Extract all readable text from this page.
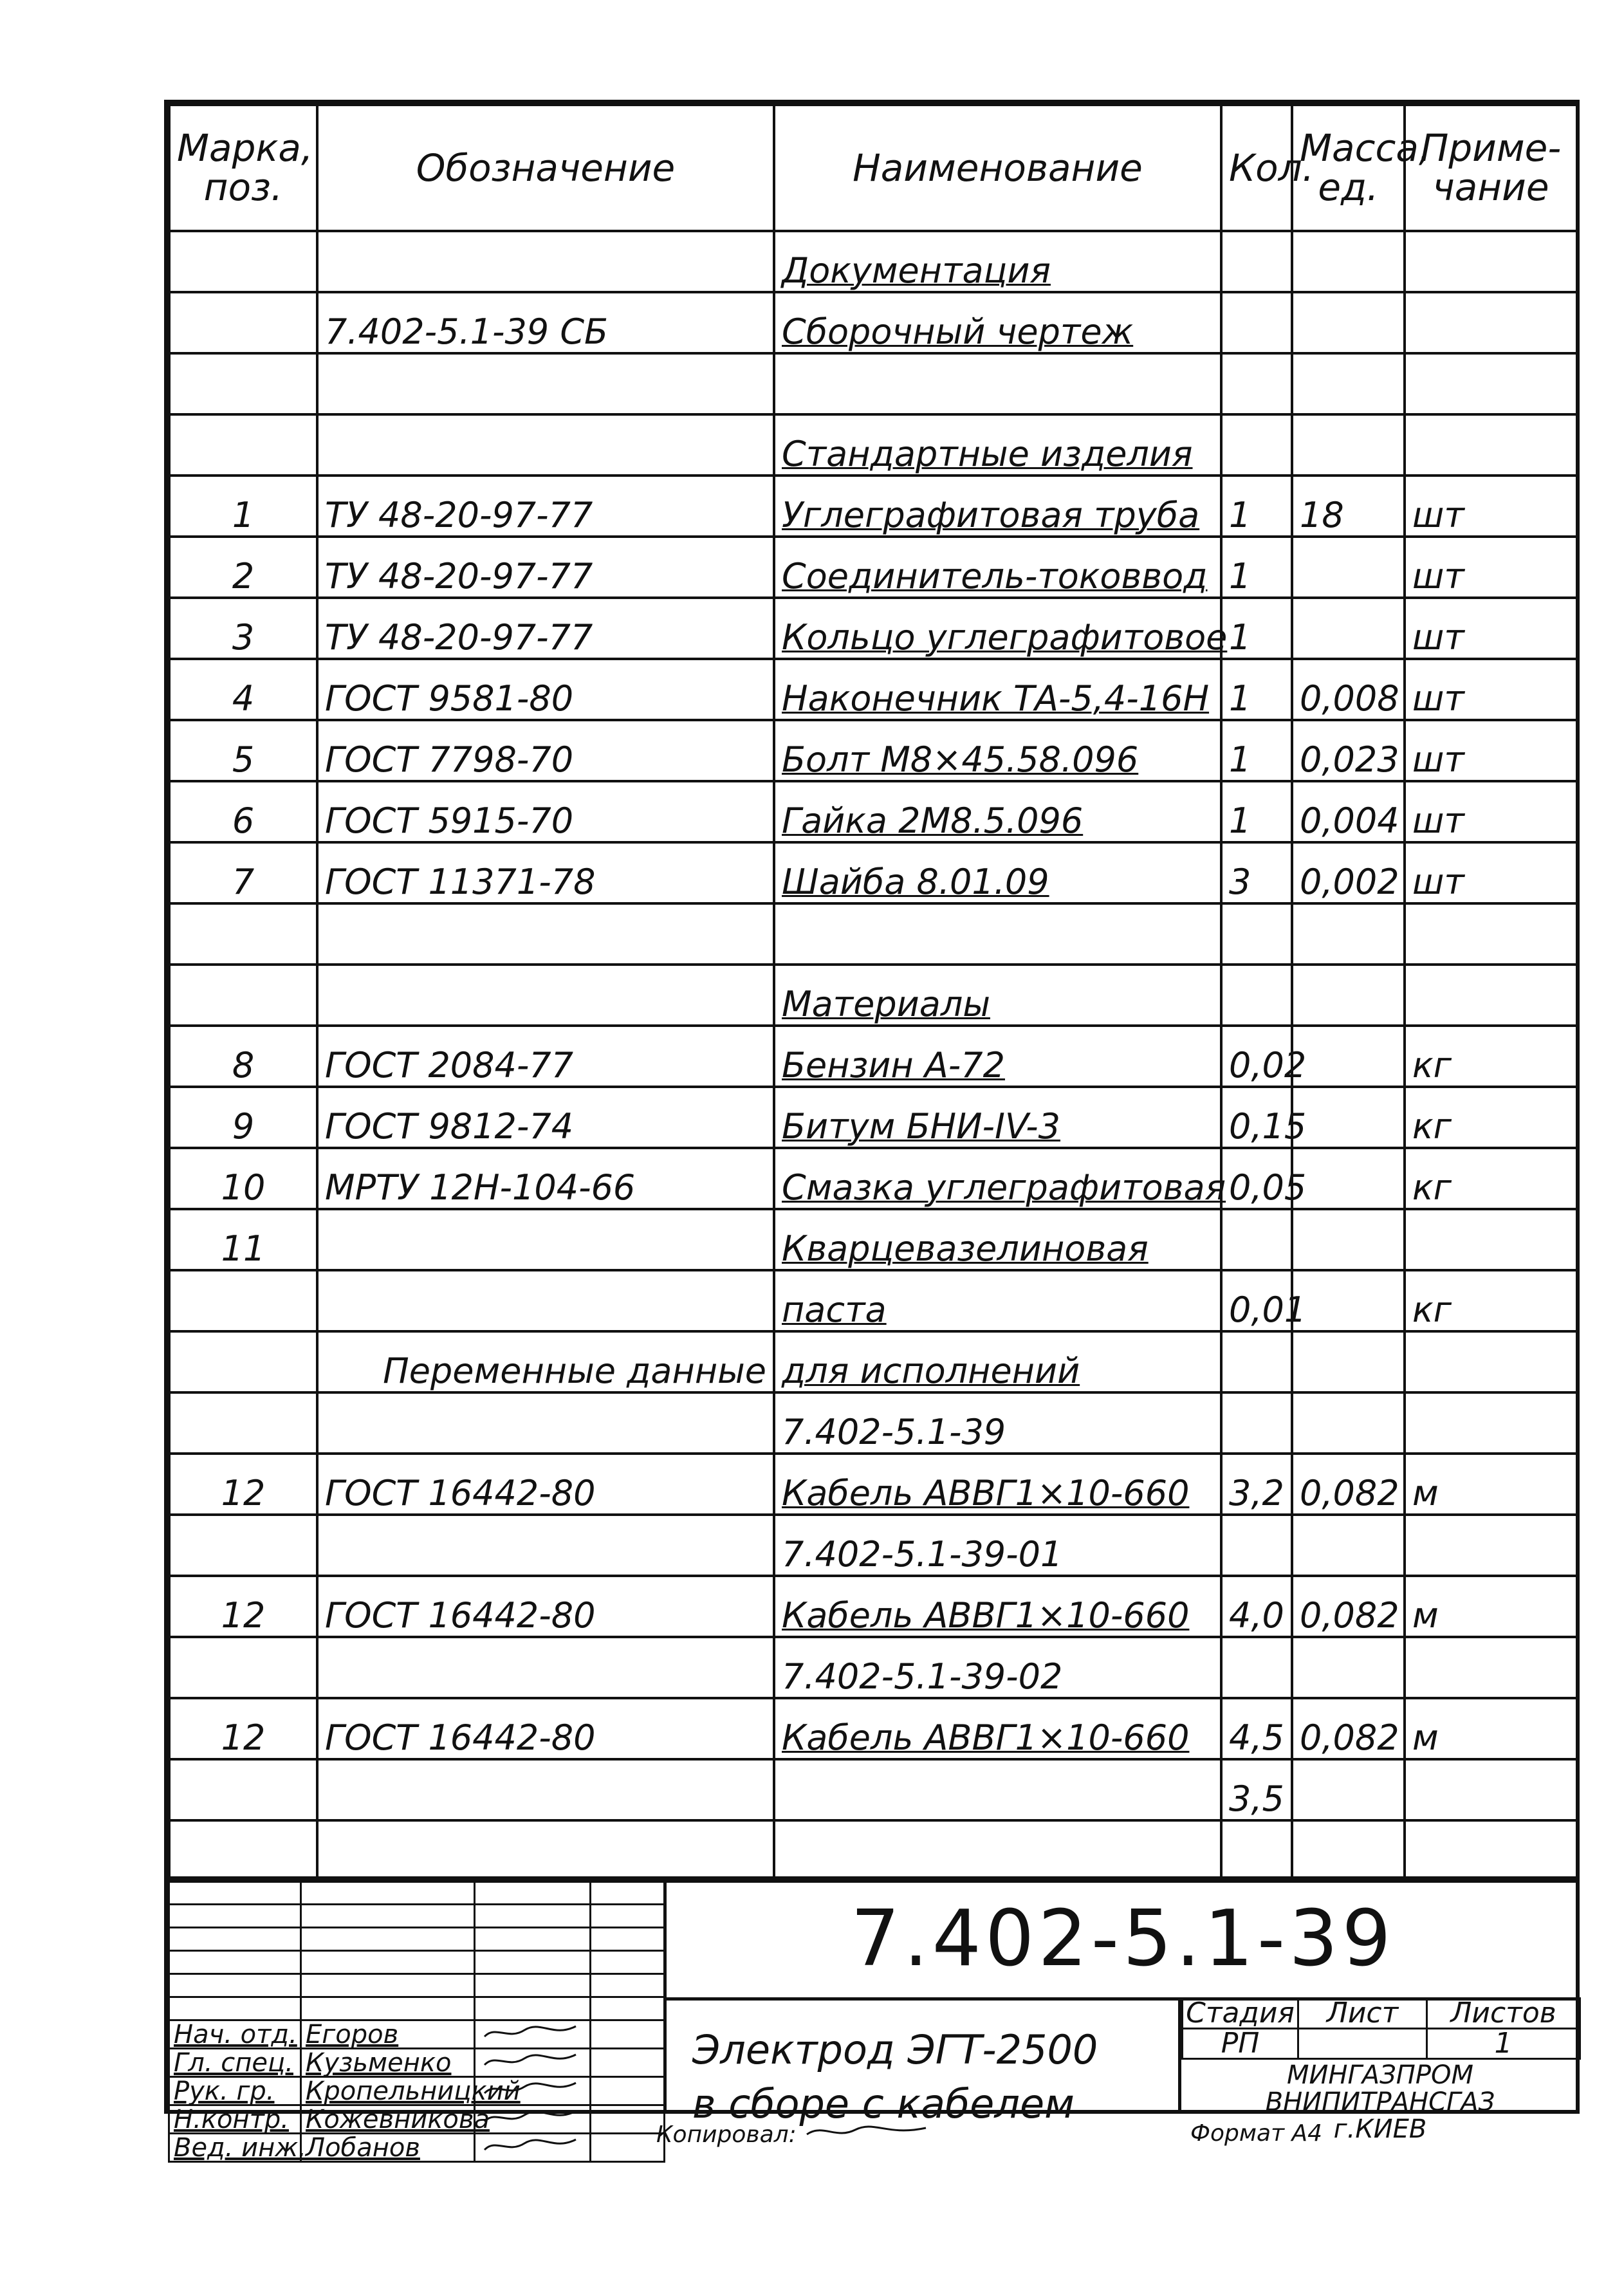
Марка, поз.	Обозначение	Наименование	Кол.	Масса, ед.	Приме-чание
		Документация			
	7.402-5.1-39 СБ	Сборочный чертеж			

		Стандартные изделия			
1	ТУ 48-20-97-77	Углеграфитовая труба	1	18	шт
2	ТУ 48-20-97-77	Соединитель-токоввод	1		шт
3	ТУ 48-20-97-77	Кольцо углеграфитовое	1		шт
4	ГОСТ 9581-80	Наконечник ТА-5,4-16Н	1	0,008	шт
5	ГОСТ 7798-70	Болт М8×45.58.096	1	0,023	шт
6	ГОСТ 5915-70	Гайка 2М8.5.096	1	0,004	шт
7	ГОСТ 11371-78	Шайба 8.01.09	3	0,002	шт

		Материалы			
8	ГОСТ 2084-77	Бензин А-72	0,02		кг
9	ГОСТ 9812-74	Битум БНИ-IV-3	0,15		кг
10	МРТУ 12Н-104-66	Смазка углеграфитовая	0,05		кг
11		Кварцевазелиновая			
		паста	0,01		кг
	Переменные данные	для исполнений			
		7.402-5.1-39			
12	ГОСТ 16442-80	Кабель АВВГ1×10-660	3,2	0,082	м
		7.402-5.1-39-01			
12	ГОСТ 16442-80	Кабель АВВГ1×10-660	4,0	0,082	м
		7.402-5.1-39-02			
12	ГОСТ 16442-80	Кабель АВВГ1×10-660	4,5	0,082	м
			3,5		

Нач. отд.	Егоров		
Гл. спец.	Кузьменко		
Рук. гр.	Кропельницкий		
Н.контр.	Кожевникова		
Вед. инж.	Лобанов		
7.402-5.1-39
Электрод ЭГТ-2500
в сборе с кабелем
Стадия	Лист	Листов
РП		1
МИНГАЗПРОМ
ВНИПИТРАНСГАЗ
г.КИЕВ
Копировал:	Формат А4
